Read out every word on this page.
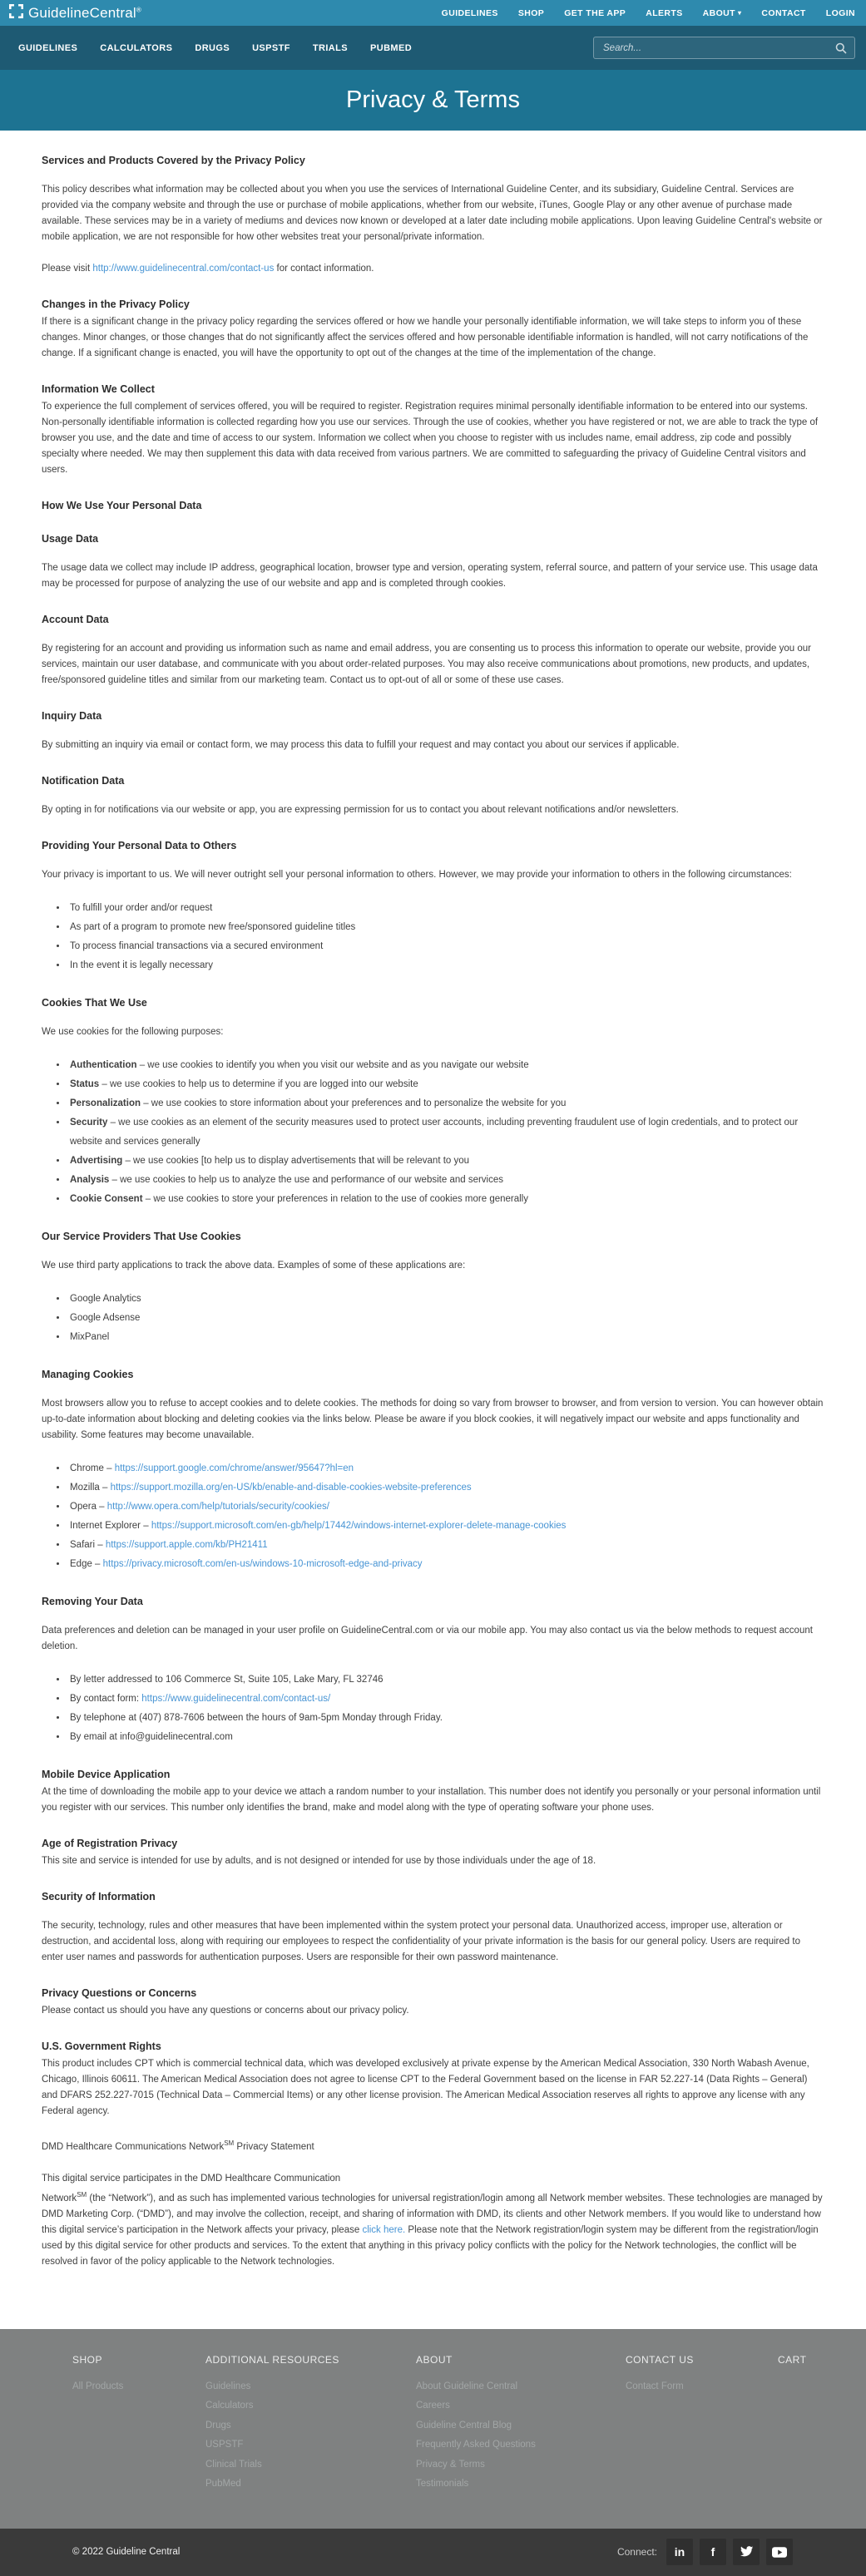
GuidelineCentral®	GUIDELINES SHOP GET THE APP ALERTS ABOUT ▾ CONTACT LOGIN
GUIDELINES CALCULATORS DRUGS USPSTF TRIALS PUBMED
Search...
Privacy & Terms
Services and Products Covered by the Privacy Policy

This policy describes what information may be collected about you when you use the services of International Guideline Center, and its subsidiary, Guideline Central. Services are provided via the company website and through the use or purchase of mobile applications, whether from our website, iTunes, Google Play or any other avenue of purchase made available. These services may be in a variety of mediums and devices now known or developed at a later date including mobile applications. Upon leaving Guideline Central's website or mobile application, we are not responsible for how other websites treat your personal/private information.

Please visit http://www.guidelinecentral.com/contact-us for contact information.

Changes in the Privacy Policy

If there is a significant change in the privacy policy regarding the services offered or how we handle your personally identifiable information, we will take steps to inform you of these changes. Minor changes, or those changes that do not significantly affect the services offered and how personable identifiable information is handled, will not carry notifications of the change. If a significant change is enacted, you will have the opportunity to opt out of the changes at the time of the implementation of the change.

Information We Collect

To experience the full complement of services offered, you will be required to register. Registration requires minimal personally identifiable information to be entered into our systems. Non-personally identifiable information is collected regarding how you use our services. Through the use of cookies, whether you have registered or not, we are able to track the type of browser you use, and the date and time of access to our system. Information we collect when you choose to register with us includes name, email address, zip code and possibly specialty where needed. We may then supplement this data with data received from various partners. We are committed to safeguarding the privacy of Guideline Central visitors and users.

How We Use Your Personal Data
Usage Data

The usage data we collect may include IP address, geographical location, browser type and version, operating system, referral source, and pattern of your service use. This usage data may be processed for purpose of analyzing the use of our website and app and is completed through cookies.

Account Data

By registering for an account and providing us information such as name and email address, you are consenting us to process this information to operate our website, provide you our services, maintain our user database, and communicate with you about order-related purposes. You may also receive communications about promotions, new products, and updates, free/sponsored guideline titles and similar from our marketing team. Contact us to opt-out of all or some of these use cases.

Inquiry Data

By submitting an inquiry via email or contact form, we may process this data to fulfill your request and may contact you about our services if applicable.

Notification Data

By opting in for notifications via our website or app, you are expressing permission for us to contact you about relevant notifications and/or newsletters.

Providing Your Personal Data to Others

Your privacy is important to us. We will never outright sell your personal information to others. However, we may provide your information to others in the following circumstances:

• To fulfill your order and/or request
• As part of a program to promote new free/sponsored guideline titles
• To process financial transactions via a secured environment
• In the event it is legally necessary
Cookies That We Use

We use cookies for the following purposes:

• Authentication – we use cookies to identify you when you visit our website and as you navigate our website
• Status – we use cookies to help us to determine if you are logged into our website
• Personalization – we use cookies to store information about your preferences and to personalize the website for you
• Security – we use cookies as an element of the security measures used to protect user accounts, including preventing fraudulent use of login credentials, and to protect our website and services generally
• Advertising – we use cookies [to help us to display advertisements that will be relevant to you
• Analysis – we use cookies to help us to analyze the use and performance of our website and services
• Cookie Consent – we use cookies to store your preferences in relation to the use of cookies more generally
Our Service Providers That Use Cookies

We use third party applications to track the above data. Examples of some of these applications are:

• Google Analytics
• Google Adsense
• MixPanel
Managing Cookies

Most browsers allow you to refuse to accept cookies and to delete cookies. The methods for doing so vary from browser to browser, and from version to version. You can however obtain up-to-date information about blocking and deleting cookies via the links below. Please be aware if you block cookies, it will negatively impact our website and apps functionality and usability. Some features may become unavailable.

• Chrome – https://support.google.com/chrome/answer/95647?hl=en
• Mozilla – https://support.mozilla.org/en-US/kb/enable-and-disable-cookies-website-preferences
• Opera – http://www.opera.com/help/tutorials/security/cookies/
• Internet Explorer – https://support.microsoft.com/en-gb/help/17442/windows-internet-explorer-delete-manage-cookies
• Safari – https://support.apple.com/kb/PH21411
• Edge – https://privacy.microsoft.com/en-us/windows-10-microsoft-edge-and-privacy
Removing Your Data

Data preferences and deletion can be managed in your user profile on GuidelineCentral.com or via our mobile app. You may also contact us via the below methods to request account deletion.

• By letter addressed to 106 Commerce St, Suite 105, Lake Mary, FL 32746
• By contact form: https://www.guidelinecentral.com/contact-us/
• By telephone at (407) 878-7606 between the hours of 9am-5pm Monday through Friday.
• By email at info@guidelinecentral.com
Mobile Device Application

At the time of downloading the mobile app to your device we attach a random number to your installation. This number does not identify you personally or your personal information until you register with our services. This number only identifies the brand, make and model along with the type of operating software your phone uses.

Age of Registration Privacy

This site and service is intended for use by adults, and is not designed or intended for use by those individuals under the age of 18.

Security of Information

The security, technology, rules and other measures that have been implemented within the system protect your personal data. Unauthorized access, improper use, alteration or destruction, and accidental loss, along with requiring our employees to respect the confidentiality of your private information is the basis for our general policy. Users are required to enter user names and passwords for authentication purposes. Users are responsible for their own password maintenance.

Privacy Questions or Concerns

Please contact us should you have any questions or concerns about our privacy policy.

U.S. Government Rights

This product includes CPT which is commercial technical data, which was developed exclusively at private expense by the American Medical Association, 330 North Wabash Avenue, Chicago, Illinois 60611. The American Medical Association does not agree to license CPT to the Federal Government based on the license in FAR 52.227-14 (Data Rights – General) and DFARS 252.227-7015 (Technical Data – Commercial Items) or any other license provision. The American Medical Association reserves all rights to approve any license with any Federal agency.

DMD Healthcare Communications Network℠ Privacy Statement

This digital service participates in the DMD Healthcare Communication
Network℠ (the “Network”), and as such has implemented various technologies for universal registration/login among all Network member websites. These technologies are managed by DMD Marketing Corp. (“DMD”), and may involve the collection, receipt, and sharing of information with DMD, its clients and other Network members. If you would like to understand how this digital service’s participation in the Network affects your privacy, please click here. Please note that the Network registration/login system may be different from the registration/login used by this digital service for other products and services. To the extent that anything in this privacy policy conflicts with the policy for the Network technologies, the conflict will be resolved in favor of the policy applicable to the Network technologies.

SHOP
All Products
ADDITIONAL RESOURCES
Guidelines
Calculators
Drugs
USPSTF
Clinical Trials
PubMed
ABOUT
About Guideline Central
Careers
Guideline Central Blog
Frequently Asked Questions
Privacy & Terms
Testimonials
CONTACT US
Contact Form
CART
© 2022 Guideline Central	Connect: in f
